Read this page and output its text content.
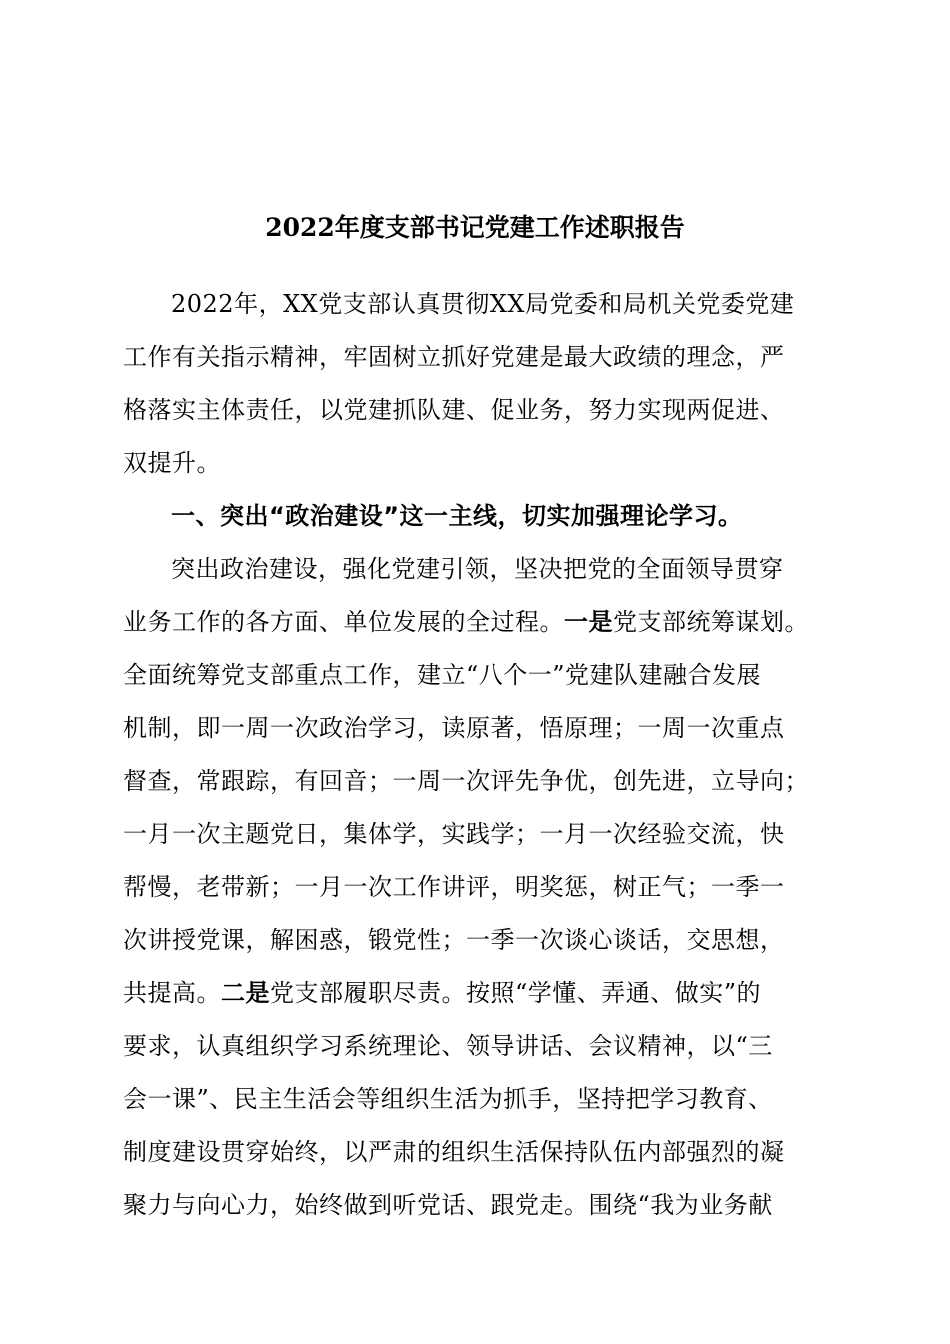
2022年度支部书记党建工作述职报告
2022年，XX党支部认真贯彻XX局党委和局机关党委党建
工作有关指示精神，牢固树立抓好党建是最大政绩的理念，严
格落实主体责任，以党建抓队建、促业务，努力实现两促进、
双提升。
一、突出“政治建设”这一主线，切实加强理论学习。
突出政治建设，强化党建引领，坚决把党的全面领导贯穿
业务工作的各方面、单位发展的全过程。一是党支部统筹谋划。
全面统筹党支部重点工作，建立“八个一”党建队建融合发展
机制，即一周一次政治学习，读原著，悟原理；一周一次重点
督查，常跟踪，有回音；一周一次评先争优，创先进，立导向；
一月一次主题党日，集体学，实践学；一月一次经验交流，快
帮慢，老带新；一月一次工作讲评，明奖惩，树正气；一季一
次讲授党课，解困惑，锻党性；一季一次谈心谈话，交思想，
共提高。二是党支部履职尽责。按照“学懂、弄通、做实”的
要求，认真组织学习系统理论、领导讲话、会议精神，以“三
会一课”、民主生活会等组织生活为抓手，坚持把学习教育、
制度建设贯穿始终，以严肃的组织生活保持队伍内部强烈的凝
聚力与向心力，始终做到听党话、跟党走。围绕“我为业务献
